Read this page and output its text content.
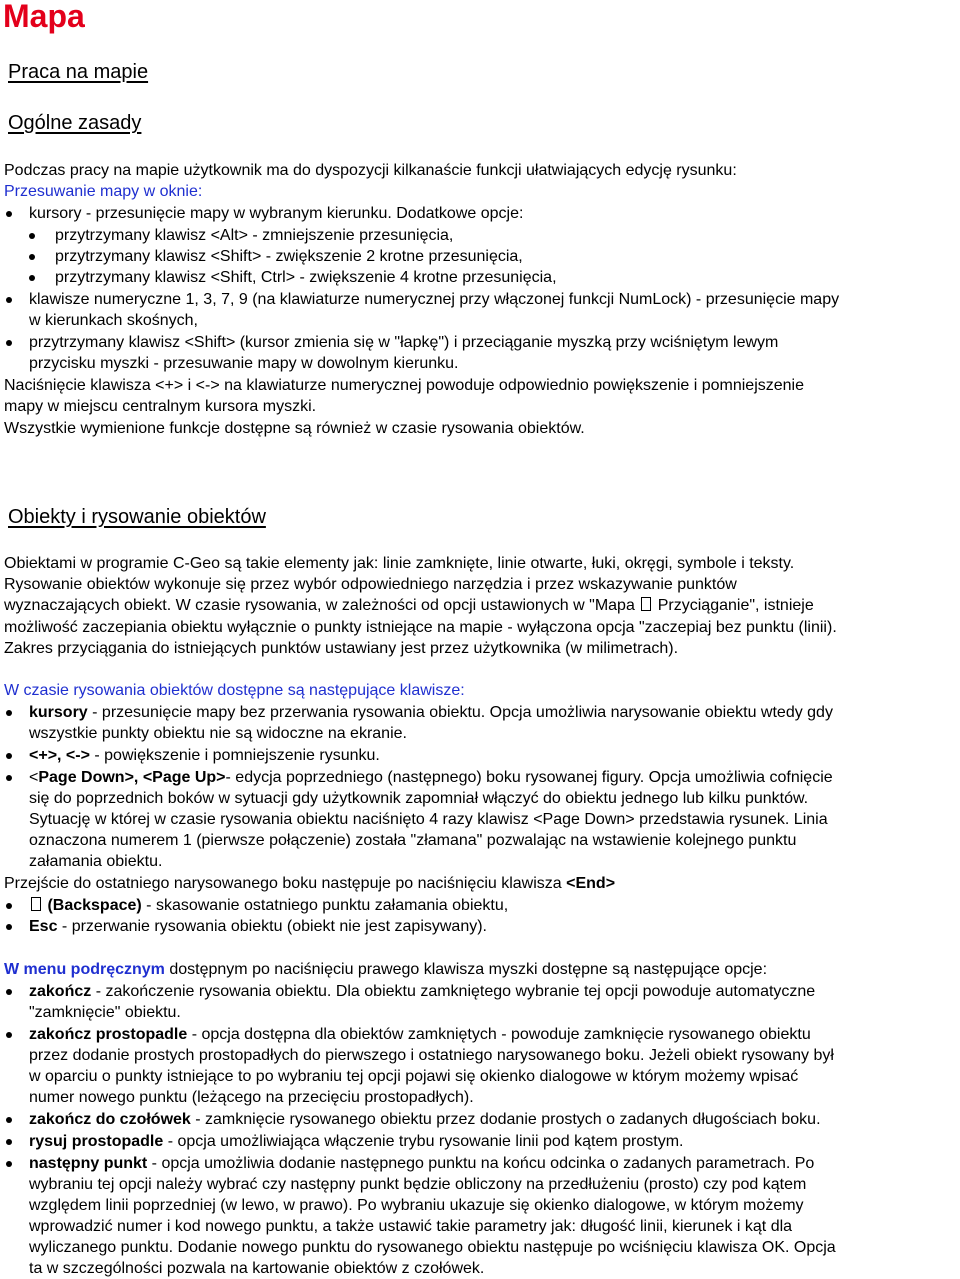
Mapa
Praca na mapie
Ogólne zasady
Podczas pracy na mapie użytkownik ma do dyspozycji kilkanaście funkcji ułatwiających edycję rysunku:
Przesuwanie mapy w oknie:
kursory - przesunięcie mapy w wybranym kierunku. Dodatkowe opcje:
przytrzymany klawisz <Alt> - zmniejszenie przesunięcia,
przytrzymany klawisz <Shift> - zwiększenie 2 krotne przesunięcia,
przytrzymany klawisz <Shift, Ctrl> - zwiększenie 4 krotne przesunięcia,
klawisze numeryczne 1, 3, 7, 9 (na klawiaturze numerycznej przy włączonej funkcji NumLock) - przesunięcie mapy
w kierunkach skośnych,
przytrzymany klawisz <Shift> (kursor zmienia się w "łapkę") i przeciąganie myszką przy wciśniętym lewym
przycisku myszki - przesuwanie mapy w dowolnym kierunku.
Naciśnięcie klawisza <+> i <-> na klawiaturze numerycznej powoduje odpowiednio powiększenie i pomniejszenie
mapy w miejscu centralnym kursora myszki.
Wszystkie wymienione funkcje dostępne są również w czasie rysowania obiektów.
Obiekty i rysowanie obiektów
Obiektami w programie C-Geo są takie elementy jak: linie zamknięte, linie otwarte, łuki, okręgi, symbole i teksty.
Rysowanie obiektów wykonuje się przez wybór odpowiedniego narzędzia i przez wskazywanie punktów
wyznaczających obiekt. W czasie rysowania, w zależności od opcji ustawionych w "Mapa Przyciąganie", istnieje
możliwość zaczepiania obiektu wyłącznie o punkty istniejące na mapie - wyłączona opcja "zaczepiaj bez punktu (linii).
Zakres przyciągania do istniejących punktów ustawiany jest przez użytkownika (w milimetrach).
W czasie rysowania obiektów dostępne są następujące klawisze:
kursory - przesunięcie mapy bez przerwania rysowania obiektu. Opcja umożliwia narysowanie obiektu wtedy gdy
wszystkie punkty obiektu nie są widoczne na ekranie.
<+>, <-> - powiększenie i pomniejszenie rysunku.
<Page Down>, <Page Up>- edycja poprzedniego (następnego) boku rysowanej figury. Opcja umożliwia cofnięcie
się do poprzednich boków w sytuacji gdy użytkownik zapomniał włączyć do obiektu jednego lub kilku punktów.
Sytuację w której w czasie rysowania obiektu naciśnięto 4 razy klawisz <Page Down> przedstawia rysunek. Linia
oznaczona numerem 1 (pierwsze połączenie) została "złamana" pozwalając na wstawienie kolejnego punktu
załamania obiektu.
Przejście do ostatniego narysowanego boku następuje po naciśnięciu klawisza <End>
(Backspace) - skasowanie ostatniego punktu załamania obiektu,
Esc - przerwanie rysowania obiektu (obiekt nie jest zapisywany).
W menu podręcznym dostępnym po naciśnięciu prawego klawisza myszki dostępne są następujące opcje:
zakończ - zakończenie rysowania obiektu. Dla obiektu zamkniętego wybranie tej opcji powoduje automatyczne
"zamknięcie" obiektu.
zakończ prostopadle - opcja dostępna dla obiektów zamkniętych - powoduje zamknięcie rysowanego obiektu
przez dodanie prostych prostopadłych do pierwszego i ostatniego narysowanego boku. Jeżeli obiekt rysowany był
w oparciu o punkty istniejące to po wybraniu tej opcji pojawi się okienko dialogowe w którym możemy wpisać
numer nowego punktu (leżącego na przecięciu prostopadłych).
zakończ do czołówek - zamknięcie rysowanego obiektu przez dodanie prostych o zadanych długościach boku.
rysuj prostopadle - opcja umożliwiająca włączenie trybu rysowanie linii pod kątem prostym.
następny punkt - opcja umożliwia dodanie następnego punktu na końcu odcinka o zadanych parametrach. Po
wybraniu tej opcji należy wybrać czy następny punkt będzie obliczony na przedłużeniu (prosto) czy pod kątem
względem linii poprzedniej (w lewo, w prawo). Po wybraniu ukazuje się okienko dialogowe, w którym możemy
wprowadzić numer i kod nowego punktu, a także ustawić takie parametry jak: długość linii, kierunek i kąt dla
wyliczanego punktu. Dodanie nowego punktu do rysowanego obiektu następuje po wciśnięciu klawisza OK. Opcja
ta w szczególności pozwala na kartowanie obiektów z czołówek.
